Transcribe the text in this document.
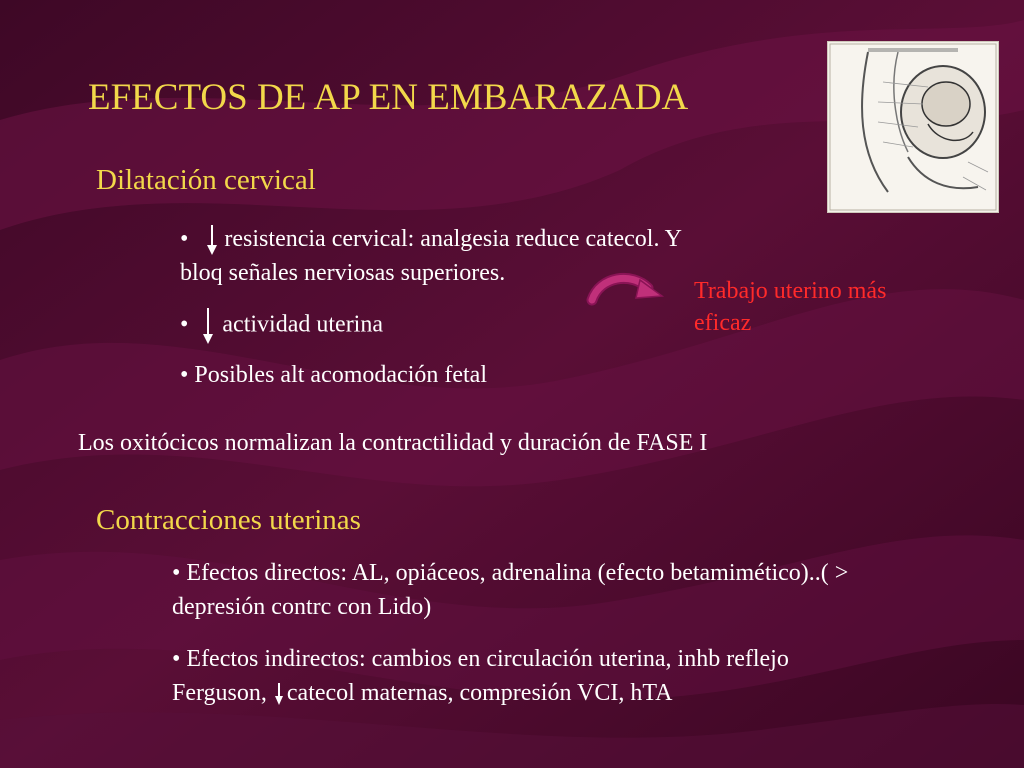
EFECTOS DE AP EN EMBARAZADA
Dilatación cervical
• resistencia cervical: analgesia reduce catecol. Y
bloq señales nerviosas superiores.
• actividad uterina
• Posibles alt acomodación fetal
Trabajo uterino más
eficaz
Los oxitócicos normalizan la contractilidad y duración de FASE I
Contracciones uterinas
• Efectos directos: AL, opiáceos, adrenalina (efecto betamimético)..( >
depresión contrc con Lido)
• Efectos indirectos: cambios en circulación uterina, inhb reflejo
Ferguson, catecol maternas, compresión VCI, hTA
